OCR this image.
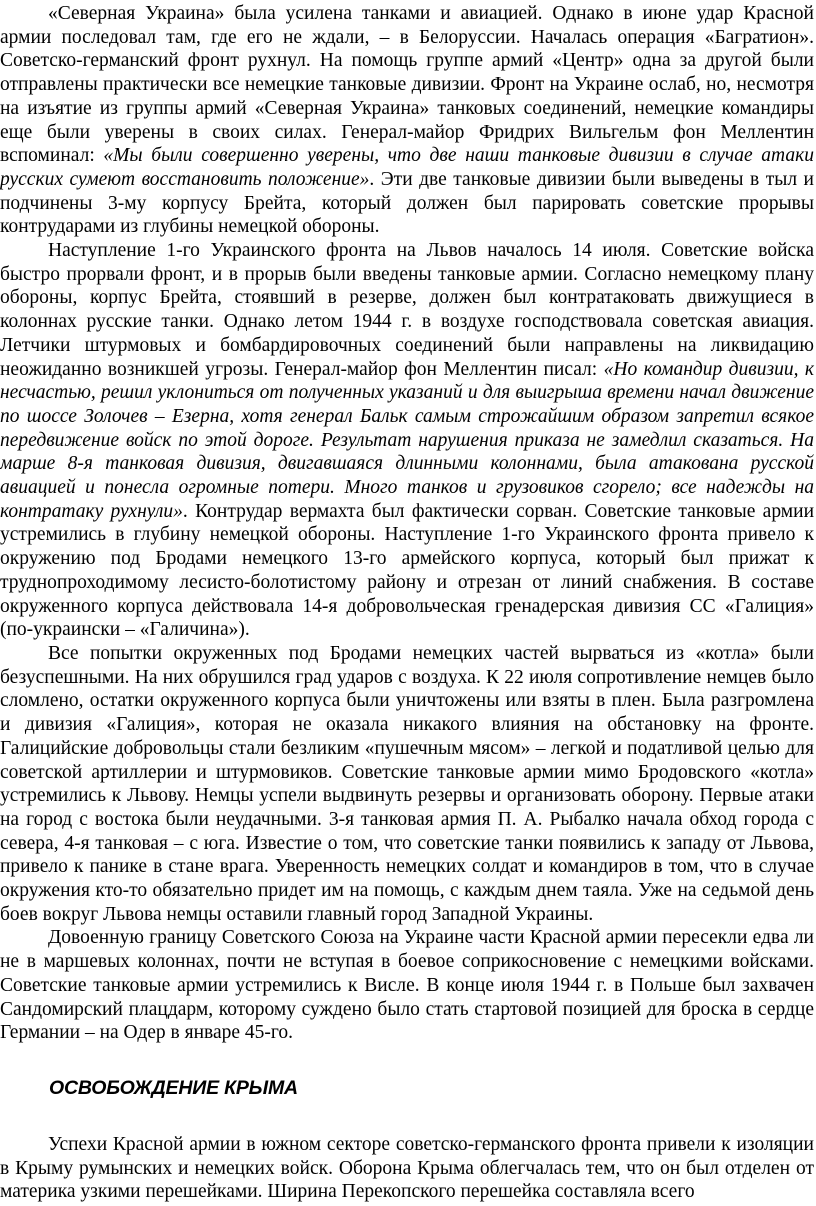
«Северная Украина» была усилена танками и авиацией. Однако в июне удар Красной армии последовал там, где его не ждали, – в Белоруссии. Началась операция «Багратион». Советско-германский фронт рухнул. На помощь группе армий «Центр» одна за другой были отправлены практически все немецкие танковые дивизии. Фронт на Украине ослаб, но, несмотря на изъятие из группы армий «Северная Украина» танковых соединений, немецкие командиры еще были уверены в своих силах. Генерал-майор Фридрих Вильгельм фон Меллентин вспоминал: «Мы были совершенно уверены, что две наши танковые дивизии в случае атаки русских сумеют восстановить положение». Эти две танковые дивизии были выведены в тыл и подчинены 3-му корпусу Брейта, который должен был парировать советские прорывы контрударами из глубины немецкой обороны.

Наступление 1-го Украинского фронта на Львов началось 14 июля. Советские войска быстро прорвали фронт, и в прорыв были введены танковые армии. Согласно немецкому плану обороны, корпус Брейта, стоявший в резерве, должен был контратаковать движущиеся в колоннах русские танки. Однако летом 1944 г. в воздухе господствовала советская авиация. Летчики штурмовых и бомбардировочных соединений были направлены на ликвидацию неожиданно возникшей угрозы. Генерал-майор фон Меллентин писал: «Но командир дивизии, к несчастью, решил уклониться от полученных указаний и для выигрыша времени начал движение по шоссе Золочев – Езерна, хотя генерал Бальк самым строжайшим образом запретил всякое передвижение войск по этой дороге. Результат нарушения приказа не замедлил сказаться. На марше 8-я танковая дивизия, двигавшаяся длинными колоннами, была атакована русской авиацией и понесла огромные потери. Много танков и грузовиков сгорело; все надежды на контратаку рухнули». Контрудар вермахта был фактически сорван. Советские танковые армии устремились в глубину немецкой обороны. Наступление 1-го Украинского фронта привело к окружению под Бродами немецкого 13-го армейского корпуса, который был прижат к труднопроходимому лесисто-болотистому району и отрезан от линий снабжения. В составе окруженного корпуса действовала 14-я добровольческая гренадерская дивизия СС «Галиция» (по-украински – «Галичина»).

Все попытки окруженных под Бродами немецких частей вырваться из «котла» были безуспешными. На них обрушился град ударов с воздуха. К 22 июля сопротивление немцев было сломлено, остатки окруженного корпуса были уничтожены или взяты в плен. Была разгромлена и дивизия «Галиция», которая не оказала никакого влияния на обстановку на фронте. Галицийские добровольцы стали безликим «пушечным мясом» – легкой и податливой целью для советской артиллерии и штурмовиков. Советские танковые армии мимо Бродовского «котла» устремились к Львову. Немцы успели выдвинуть резервы и организовать оборону. Первые атаки на город с востока были неудачными. 3-я танковая армия П. А. Рыбалко начала обход города с севера, 4-я танковая – с юга. Известие о том, что советские танки появились к западу от Львова, привело к панике в стане врага. Уверенность немецких солдат и командиров в том, что в случае окружения кто-то обязательно придет им на помощь, с каждым днем таяла. Уже на седьмой день боев вокруг Львова немцы оставили главный город Западной Украины.

Довоенную границу Советского Союза на Украине части Красной армии пересекли едва ли не в маршевых колоннах, почти не вступая в боевое соприкосновение с немецкими войсками. Советские танковые армии устремились к Висле. В конце июля 1944 г. в Польше был захвачен Сандомирский плацдарм, которому суждено было стать стартовой позицией для броска в сердце Германии – на Одер в январе 45-го.

ОСВОБОЖДЕНИЕ КРЫМА

Успехи Красной армии в южном секторе советско-германского фронта привели к изоляции в Крыму румынских и немецких войск. Оборона Крыма облегчалась тем, что он был отделен от материка узкими перешейками. Ширина Перекопского перешейка составляла всего
